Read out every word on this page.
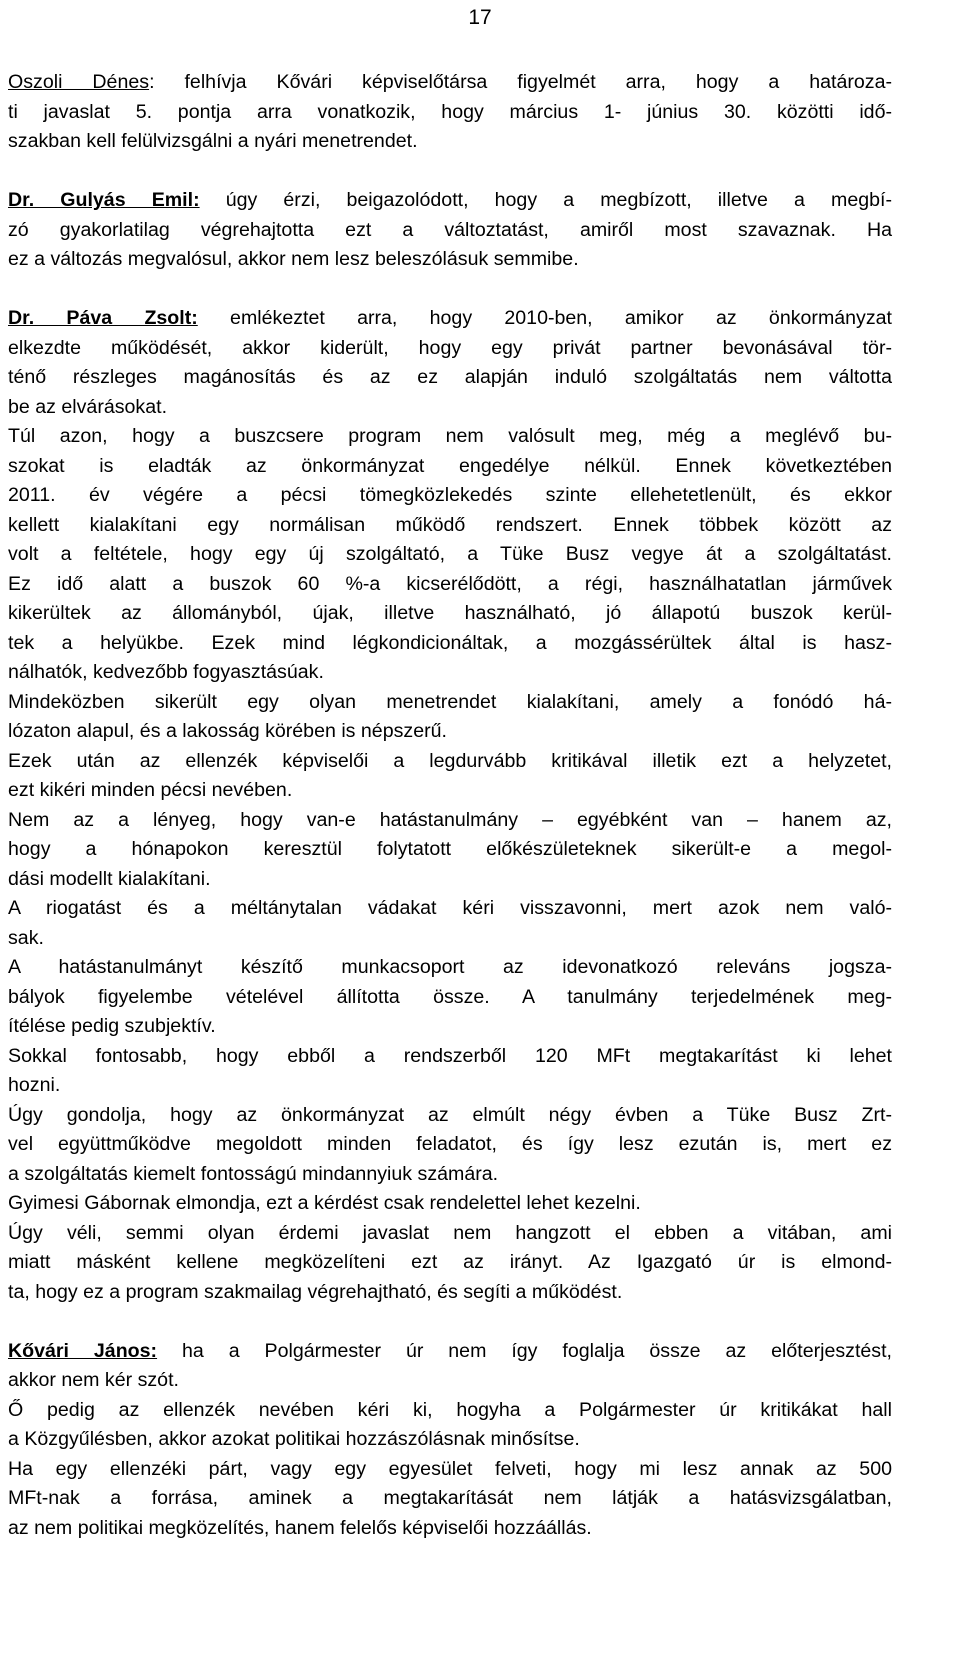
17
Oszoli Dénes: felhívja Kővári képviselőtársa figyelmét arra, hogy a határoza-
ti javaslat 5. pontja arra vonatkozik, hogy március 1- június 30. közötti idő-
szakban kell felülvizsgálni a nyári menetrendet.
Dr. Gulyás Emil: úgy érzi, beigazolódott, hogy a megbízott, illetve a megbí-
zó gyakorlatilag végrehajtotta ezt a változtatást, amiről most szavaznak. Ha
ez a változás megvalósul, akkor nem lesz beleszólásuk semmibe.
Dr. Páva Zsolt: emlékeztet arra, hogy 2010-ben, amikor az önkormányzat
elkezdte működését, akkor kiderült, hogy egy privát partner bevonásával tör-
ténő részleges magánosítás és az ez alapján induló szolgáltatás nem váltotta
be az elvárásokat.
Túl azon, hogy a buszcsere program nem valósult meg, még a meglévő bu-
szokat is eladták az önkormányzat engedélye nélkül. Ennek következtében
2011. év végére a pécsi tömegközlekedés szinte ellehetetlenült, és ekkor
kellett kialakítani egy normálisan működő rendszert. Ennek többek között az
volt a feltétele, hogy egy új szolgáltató, a Tüke Busz vegye át a szolgáltatást.
Ez idő alatt a buszok 60 %-a kicserélődött, a régi, használhatatlan járművek
kikerültek az állományból, újak, illetve használható, jó állapotú buszok kerül-
tek a helyükbe. Ezek mind légkondicionáltak, a mozgássérültek által is hasz-
nálhatók, kedvezőbb fogyasztásúak.
Mindeközben sikerült egy olyan menetrendet kialakítani, amely a fonódó há-
lózaton alapul, és a lakosság körében is népszerű.
Ezek után az ellenzék képviselői a legdurvább kritikával illetik ezt a helyzetet,
ezt kikéri minden pécsi nevében.
Nem az a lényeg, hogy van-e hatástanulmány – egyébként van – hanem az,
hogy a hónapokon keresztül folytatott előkészületeknek sikerült-e a megol-
dási modellt kialakítani.
A riogatást és a méltánytalan vádakat kéri visszavonni, mert azok nem való-
sak.
A hatástanulmányt készítő munkacsoport az idevonatkozó releváns jogsza-
bályok figyelembe vételével állította össze. A tanulmány terjedelmének meg-
ítélése pedig szubjektív.
Sokkal fontosabb, hogy ebből a rendszerből 120 MFt megtakarítást ki lehet
hozni.
Úgy gondolja, hogy az önkormányzat az elmúlt négy évben a Tüke Busz Zrt-
vel együttműködve megoldott minden feladatot, és így lesz ezután is, mert ez
a szolgáltatás kiemelt fontosságú mindannyiuk számára.
Gyimesi Gábornak elmondja, ezt a kérdést csak rendelettel lehet kezelni.
Úgy véli, semmi olyan érdemi javaslat nem hangzott el ebben a vitában, ami
miatt másként kellene megközelíteni ezt az irányt. Az Igazgató úr is elmond-
ta, hogy ez a program szakmailag végrehajtható, és segíti a működést.
Kővári János: ha a Polgármester úr nem így foglalja össze az előterjesztést,
akkor nem kér szót.
Ő pedig az ellenzék nevében kéri ki, hogyha a Polgármester úr kritikákat hall
a Közgyűlésben, akkor azokat politikai hozzászólásnak minősítse.
Ha egy ellenzéki párt, vagy egy egyesület felveti, hogy mi lesz annak az 500
MFt-nak a forrása, aminek a megtakarítását nem látják a hatásvizsgálatban,
az nem politikai megközelítés, hanem felelős képviselői hozzáállás.
